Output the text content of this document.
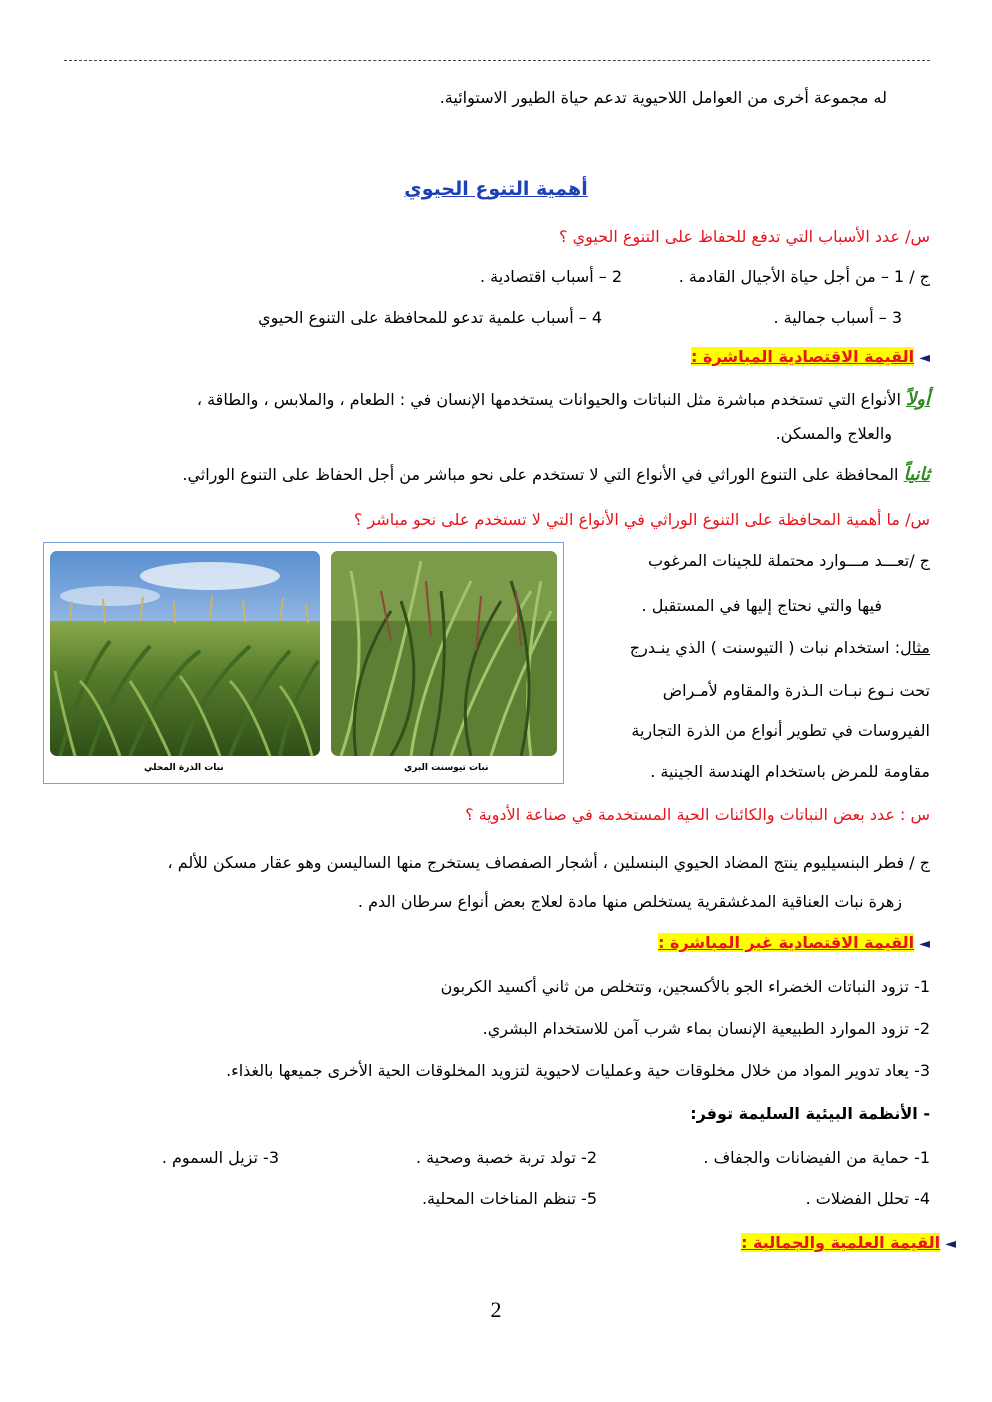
له مجموعة أخرى من العوامل اللاحيوية تدعم حياة الطيور الاستوائية.
أهمية التنوع الحيوي
س/ عدد الأسباب التي تدفع للحفاظ على التنوع الحيوي ؟
ج / 1 – من أجل حياة الأجيال القادمة .
2 – أسباب اقتصادية .
3 – أسباب جمالية .
4 – أسباب علمية تدعو للمحافظة على التنوع الحيوي
◄ القيمة الاقتصادية المباشرة :
أولاً الأنواع التي تستخدم مباشرة مثل النباتات والحيوانات يستخدمها الإنسان في : الطعام ، والملابس ، والطاقة ،
والعلاج والمسكن.
ثانياً المحافظة على التنوع الوراثي في الأنواع التي لا تستخدم على نحو مباشر من أجل الحفاظ على التنوع الوراثي.
س/ ما أهمية المحافظة على التنوع الوراثي في الأنواع التي لا تستخدم على نحو مباشر ؟
نبات الذرة المحلي	نبات تيوسنت البري
ج /تعـــد مـــوارد محتملة للجينات المرغوب
فيها والتي نحتاج إليها في المستقبل .
مثال: استخدام نبات ( التيوسنت ) الذي ينـدرج
تحت نـوع نبـات الـذرة والمقاوم لأمـراض
الفيروسات في تطوير أنواع من الذرة التجارية
مقاومة للمرض باستخدام الهندسة الجينية .
س : عدد بعض النباتات والكائنات الحية المستخدمة في صناعة الأدوية ؟
ج / فطر البنسيليوم ينتج المضاد الحيوي البنسلين ، أشجار الصفصاف يستخرج منها الساليسن وهو عقار مسكن للألم ،
زهرة نبات العناقية المدغشقرية يستخلص منها مادة لعلاج بعض أنواع سرطان الدم .
◄ القيمة الاقتصادية غير المباشرة :
1- تزود النباتات الخضراء الجو بالأكسجين، وتتخلص من ثاني أكسيد الكربون
2- تزود الموارد الطبيعية الإنسان بماء شرب آمن للاستخدام البشري.
3- يعاد تدوير المواد من خلال مخلوقات حية وعمليات لاحيوية لتزويد المخلوقات الحية الأخرى جميعها بالغذاء.
- الأنظمة البيئية السليمة توفر:
1- حماية من الفيضانات والجفاف .
2- تولد تربة خصبة وصحية .
3- تزيل السموم .
4- تحلل الفضلات .
5- تنظم المناخات المحلية.
◄ القيمة العلمية والجمالية :
2
